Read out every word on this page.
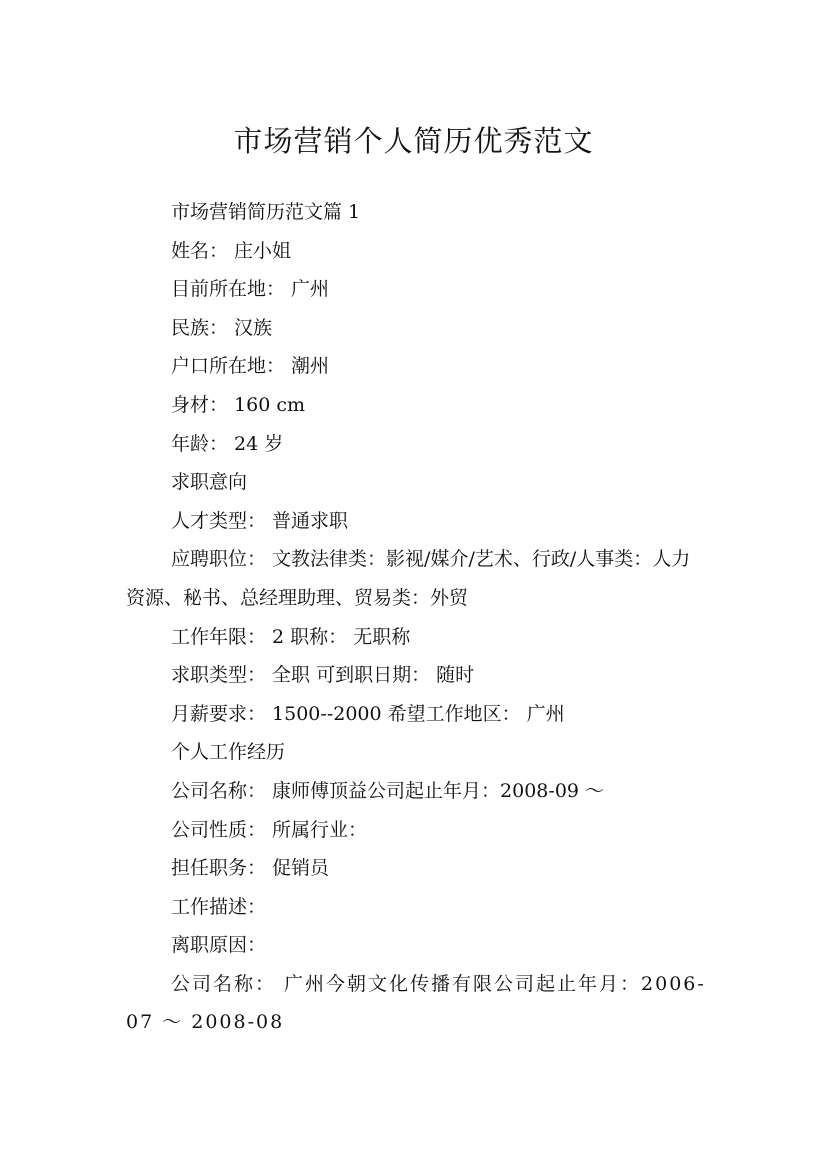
市场营销个人简历优秀范文

市场营销简历范文篇 1

姓名： 庄小姐

目前所在地： 广州

民族： 汉族

户口所在地： 潮州

身材： 160 cm

年龄： 24 岁

求职意向

人才类型： 普通求职

应聘职位： 文教法律类：影视/媒介/艺术、行政/人事类：人力资源、秘书、总经理助理、贸易类：外贸

工作年限： 2 职称： 无职称

求职类型： 全职 可到职日期： 随时

月薪要求： 1500--2000 希望工作地区： 广州

个人工作经历

公司名称： 康师傅顶益公司起止年月：2008-09 ～

公司性质： 所属行业：

担任职务： 促销员

工作描述：

离职原因：

公司名称： 广州今朝文化传播有限公司起止年月：2006-07 ～ 2008-08
